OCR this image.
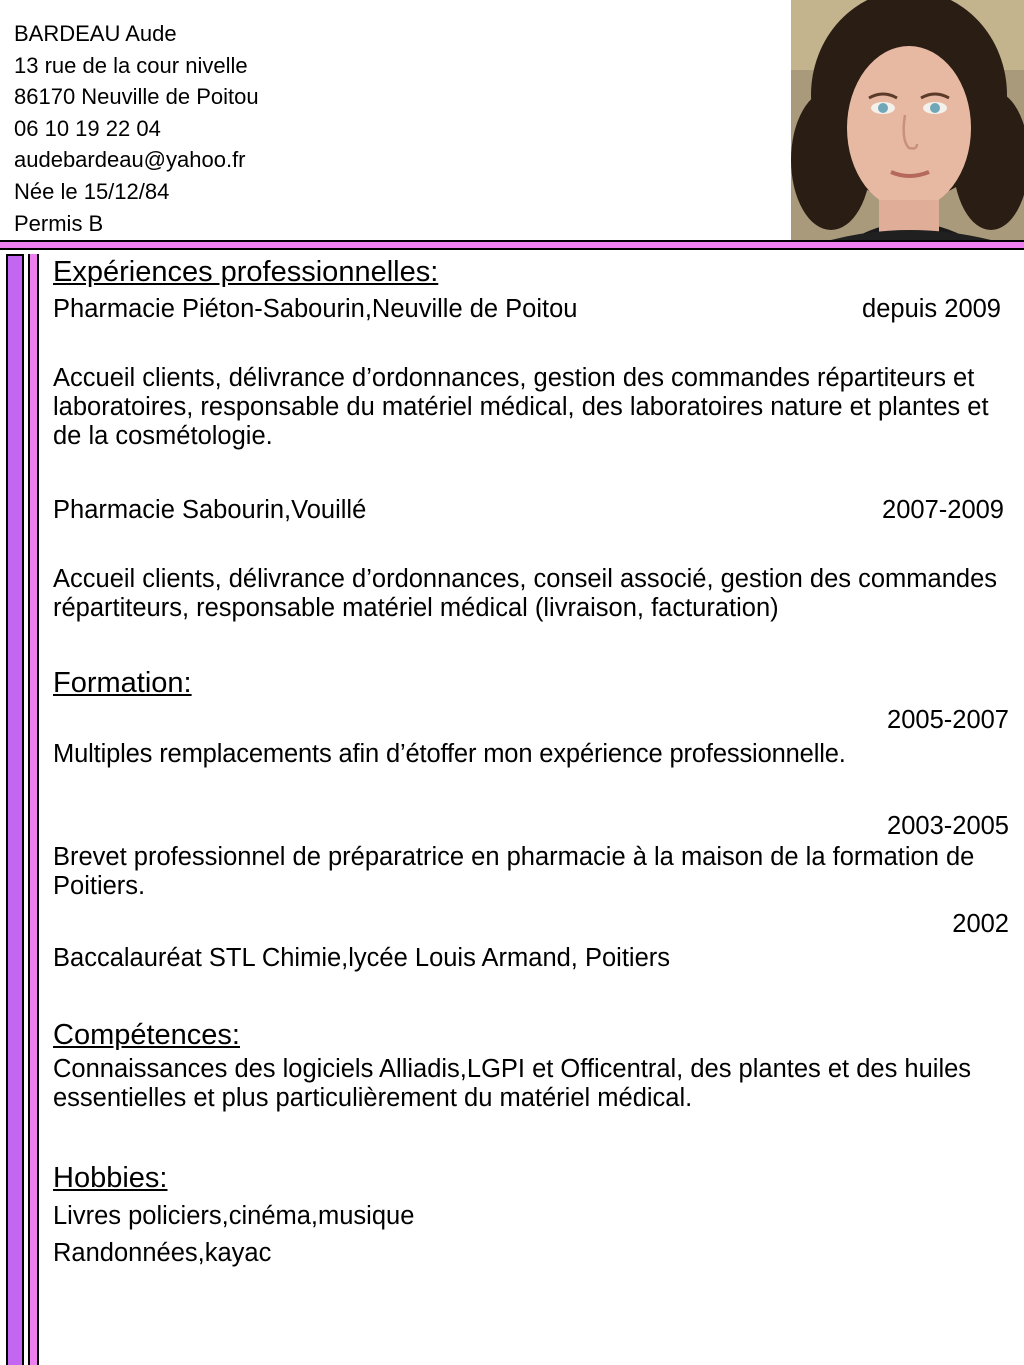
BARDEAU Aude
13 rue de la cour nivelle
86170 Neuville de Poitou
06 10 19 22 04
audebardeau@yahoo.fr
Née le 15/12/84
Permis B
Expériences professionnelles:
Pharmacie Piéton-Sabourin,Neuville de Poitou	depuis 2009

Accueil clients, délivrance d’ordonnances, gestion des commandes répartiteurs et laboratoires, responsable du matériel médical, des laboratoires nature et plantes et de la cosmétologie.

Pharmacie Sabourin,Vouillé	2007-2009

Accueil clients, délivrance d’ordonnances, conseil associé, gestion des commandes répartiteurs, responsable matériel médical (livraison, facturation)

Formation:
2005-2007
Multiples remplacements afin d’étoffer mon expérience professionnelle.
2003-2005

Brevet professionnel de préparatrice en pharmacie à la maison de la formation de Poitiers.

2002
Baccalauréat STL Chimie,lycée Louis Armand, Poitiers
Compétences:

Connaissances des logiciels Alliadis,LGPI et Officentral, des plantes et des huiles essentielles et plus particulièrement du matériel médical.

Hobbies:
Livres policiers,cinéma,musique
Randonnées,kayac
